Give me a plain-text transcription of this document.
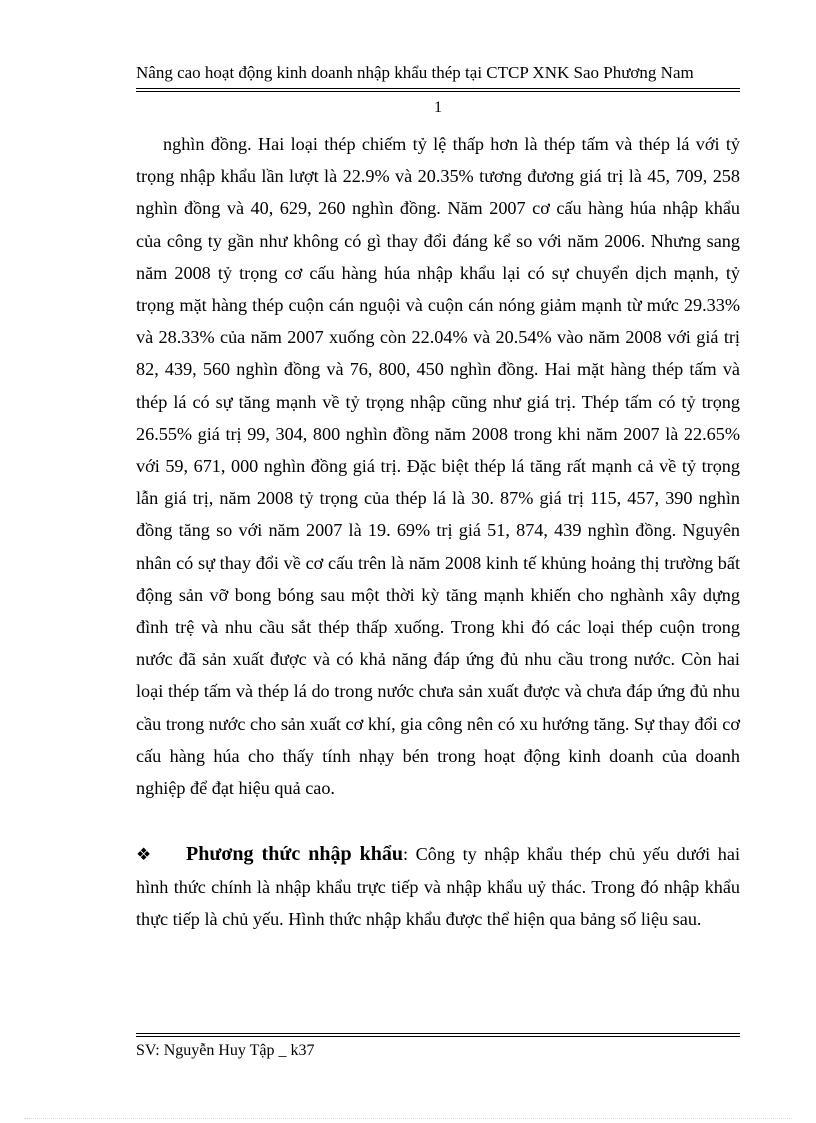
Nâng cao hoạt động kinh doanh nhập khẩu thép tại CTCP XNK Sao Phương Nam
1

nghìn đồng. Hai loại thép chiếm tỷ lệ thấp hơn là thép tấm và thép lá với tỷ trọng nhập khẩu lần lượt là 22.9% và 20.35% tương đương giá trị là 45, 709, 258 nghìn đồng và 40, 629, 260 nghìn đồng. Năm 2007 cơ cấu hàng húa nhập khẩu của công ty gần như không có gì thay đổi đáng kể so với năm 2006. Nhưng sang năm 2008 tỷ trọng cơ cấu hàng húa nhập khẩu lại có sự chuyển dịch mạnh, tỷ trọng mặt hàng thép cuộn cán nguội và cuộn cán nóng giảm mạnh từ mức 29.33% và 28.33% của năm 2007 xuống còn 22.04% và 20.54% vào năm 2008 với giá trị 82, 439, 560 nghìn đồng và 76, 800, 450 nghìn đồng. Hai mặt hàng thép tấm và thép lá có sự tăng mạnh về tỷ trọng nhập cũng như giá trị. Thép tấm có tỷ trọng 26.55% giá trị 99, 304, 800 nghìn đồng năm 2008 trong khi năm 2007 là 22.65% với 59, 671, 000 nghìn đồng giá trị. Đặc biệt thép lá tăng rất mạnh cả về tỷ trọng lẫn giá trị, năm 2008 tỷ trọng của thép lá là 30. 87% giá trị 115, 457, 390 nghìn đồng tăng so với năm 2007 là 19. 69% trị giá 51, 874, 439 nghìn đồng. Nguyên nhân có sự thay đổi về cơ cấu trên là năm 2008 kinh tế khủng hoảng thị trường bất động sản vỡ bong bóng sau một thời kỳ tăng mạnh khiến cho nghành xây dựng đình trệ và nhu cầu sắt thép thấp xuống. Trong khi đó các loại thép cuộn trong nước đã sản xuất được và có khả năng đáp ứng đủ nhu cầu trong nước. Còn hai loại thép tấm và thép lá do trong nước chưa sản xuất được và chưa đáp ứng đủ nhu cầu trong nước cho sản xuất cơ khí, gia công nên có xu hướng tăng. Sự thay đổi cơ cấu hàng húa cho thấy tính nhạy bén trong hoạt động kinh doanh của doanh nghiệp để đạt hiệu quả cao.

❖ Phương thức nhập khẩu: Công ty nhập khẩu thép chủ yếu dưới hai hình thức chính là nhập khẩu trực tiếp và nhập khẩu uỷ thác. Trong đó nhập khẩu thực tiếp là chủ yếu. Hình thức nhập khẩu được thể hiện qua bảng số liệu sau.

SV: Nguyễn Huy Tập _ k37
